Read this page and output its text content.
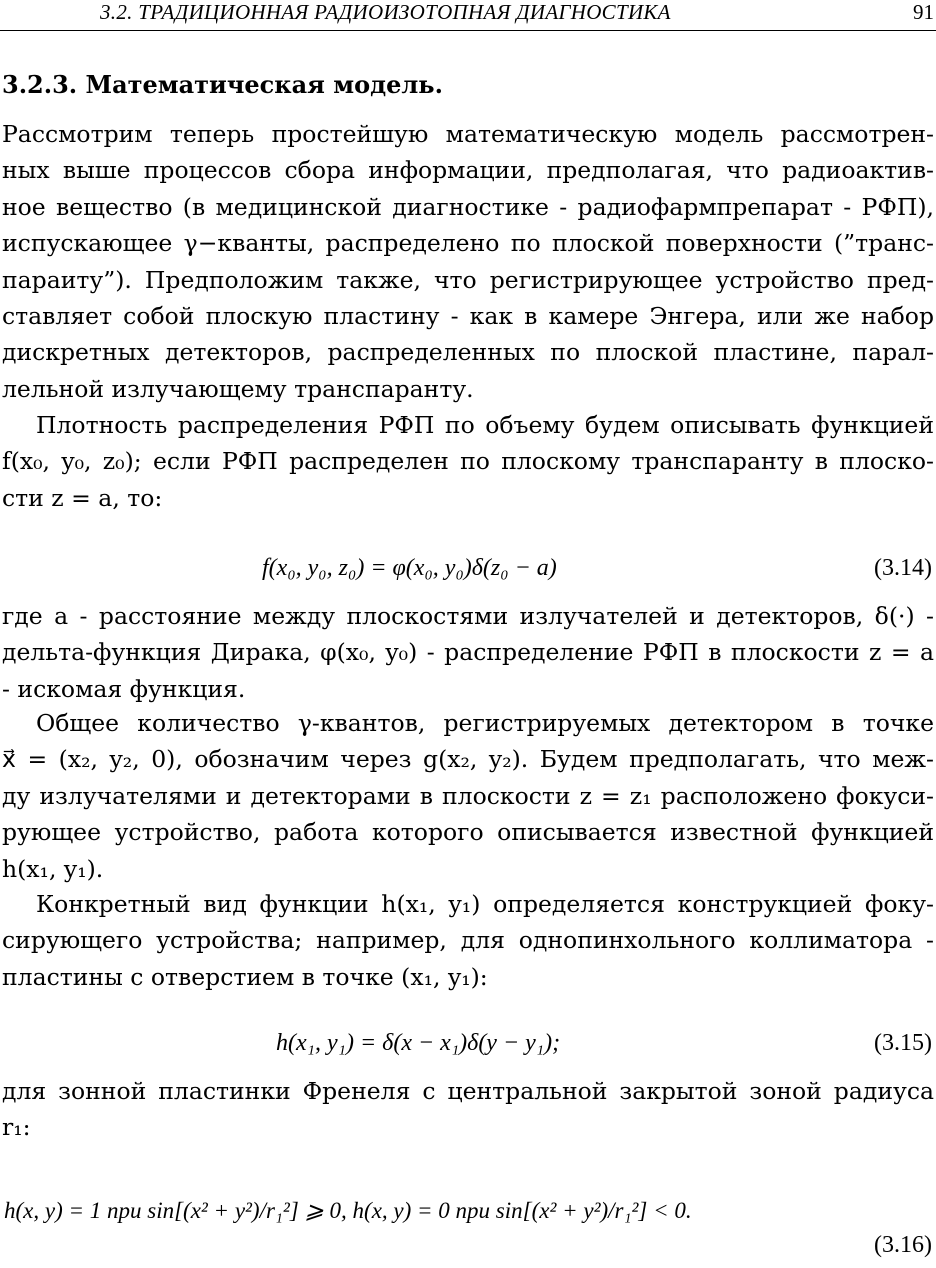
3.2. ТРАДИЦИОННАЯ РАДИОИЗОТОПНАЯ ДИАГНОСТИКА	91
3.2.3. Математическая модель.

Рассмотрим теперь простейшую математическую модель рассмотрен-
ных выше процессов сбора информации, предполагая, что радиоактив-
ное вещество (в медицинской диагностике - радиофармпрепарат - РФП),
испускающее γ−кванты, распределено по плоской поверхности (”транс-
параиту”). Предположим также, что регистрирующее устройство пред-
ставляет собой плоскую пластину - как в камере Энгера, или же набор
дискретных детекторов, распределенных по плоской пластине, парал-
лельной излучающему транспаранту.

Плотность распределения РФП по объему будем описывать функцией
f(x₀, y₀, z₀); если РФП распределен по плоскому транспаранту в плоско-
сти z = a, то:

f(x₀, y₀, z₀) = φ(x₀, y₀)δ(z₀ − a)	(3.14)

где a - расстояние между плоскостями излучателей и детекторов, δ(·) -
дельта-функция Дирака, φ(x₀, y₀) - распределение РФП в плоскости z = a
- искомая функция.

Общее количество γ-квантов, регистрируемых детектором в точке
x⃗ = (x₂, y₂, 0), обозначим через g(x₂, y₂). Будем предполагать, что меж-
ду излучателями и детекторами в плоскости z = z₁ расположено фокуси-
рующее устройство, работа которого описывается известной функцией
h(x₁, y₁).

Конкретный вид функции h(x₁, y₁) определяется конструкцией фоку-
сирующего устройства; например, для однопинхольного коллиматора -
пластины с отверстием в точке (x₁, y₁):

h(x₁, y₁) = δ(x − x₁)δ(y − y₁);	(3.15)

для зонной пластинки Френеля с центральной закрытой зоной радиуса
r₁:

h(x, y) = 1 npu sin[(x² + y²)/r₁²] ⩾ 0, h(x, y) = 0 npu sin[(x² + y²)/r₁²] < 0.
(3.16)
